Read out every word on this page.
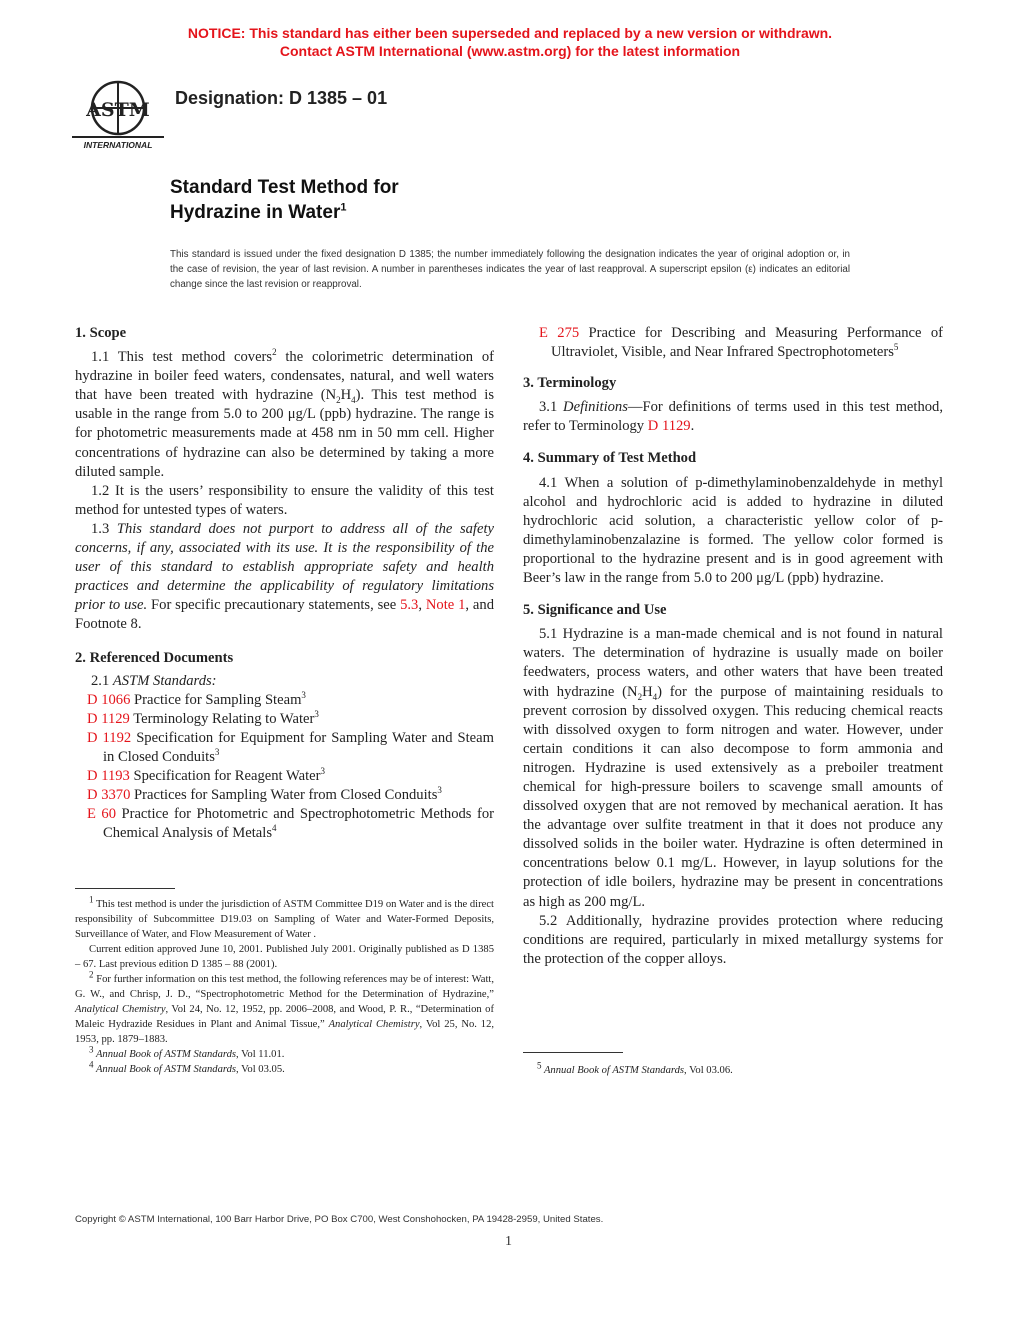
NOTICE: This standard has either been superseded and replaced by a new version or withdrawn.
Contact ASTM International (www.astm.org) for the latest information
ASTM
INTERNATIONAL
Designation: D 1385 – 01
Standard Test Method for
Hydrazine in Water$^1$
This standard is issued under the fixed designation D 1385; the number immediately following the designation indicates the year of original adoption or, in the case of revision, the year of last revision. A number in parentheses indicates the year of last reapproval. A superscript epsilon (ε) indicates an editorial change since the last revision or reapproval.
1. Scope

1.1 This test method covers$^2$ the colorimetric determination of hydrazine in boiler feed waters, condensates, natural, and well waters that have been treated with hydrazine $(N_2H_4)$. This test method is usable in the range from 5.0 to 200 μg/L (ppb) hydrazine. The range is for photometric measurements made at 458 nm in 50 mm cell. Higher concentrations of hydrazine can also be determined by taking a more diluted sample.

1.2 It is the users’ responsibility to ensure the validity of this test method for untested types of waters.

1.3 This standard does not purport to address all of the safety concerns, if any, associated with its use. It is the responsibility of the user of this standard to establish appropriate safety and health practices and determine the applicability of regulatory limitations prior to use. For specific precautionary statements, see 5.3, Note 1, and Footnote 8.

2. Referenced Documents

2.1 ASTM Standards:

D 1066 Practice for Sampling Steam$^3$

D 1129 Terminology Relating to Water$^3$

D 1192 Specification for Equipment for Sampling Water and Steam in Closed Conduits$^3$

D 1193 Specification for Reagent Water$^3$

D 3370 Practices for Sampling Water from Closed Conduits$^3$

E 60 Practice for Photometric and Spectrophotometric Methods for Chemical Analysis of Metals$^4$

$^1$ This test method is under the jurisdiction of ASTM Committee D19 on Water and is the direct responsibility of Subcommittee D19.03 on Sampling of Water and Water-Formed Deposits, Surveillance of Water, and Flow Measurement of Water .

Current edition approved June 10, 2001. Published July 2001. Originally published as D 1385 – 67. Last previous edition D 1385 – 88 (2001).

$^2$ For further information on this test method, the following references may be of interest: Watt, G. W., and Chrisp, J. D., “Spectrophotometric Method for the Determination of Hydrazine,” Analytical Chemistry, Vol 24, No. 12, 1952, pp. 2006–2008, and Wood, P. R., “Determination of Maleic Hydrazide Residues in Plant and Animal Tissue,” Analytical Chemistry, Vol 25, No. 12, 1953, pp. 1879–1883.

$^3$ Annual Book of ASTM Standards, Vol 11.01.

$^4$ Annual Book of ASTM Standards, Vol 03.05.

E 275 Practice for Describing and Measuring Performance of Ultraviolet, Visible, and Near Infrared Spectrophotometers$^5$

3. Terminology

3.1 Definitions—For definitions of terms used in this test method, refer to Terminology D 1129.

4. Summary of Test Method

4.1 When a solution of p-dimethylaminobenzaldehyde in methyl alcohol and hydrochloric acid is added to hydrazine in diluted hydrochloric acid solution, a characteristic yellow color of p-dimethylaminobenzalazine is formed. The yellow color formed is proportional to the hydrazine present and is in good agreement with Beer’s law in the range from 5.0 to 200 μg/L (ppb) hydrazine.

5. Significance and Use

5.1 Hydrazine is a man-made chemical and is not found in natural waters. The determination of hydrazine is usually made on boiler feedwaters, process waters, and other waters that have been treated with hydrazine $(N_2H_4)$ for the purpose of maintaining residuals to prevent corrosion by dissolved oxygen. This reducing chemical reacts with dissolved oxygen to form nitrogen and water. However, under certain conditions it can also decompose to form ammonia and nitrogen. Hydrazine is used extensively as a preboiler treatment chemical for high-pressure boilers to scavenge small amounts of dissolved oxygen that are not removed by mechanical aeration. It has the advantage over sulfite treatment in that it does not produce any dissolved solids in the boiler water. Hydrazine is often determined in concentrations below 0.1 mg/L. However, in layup solutions for the protection of idle boilers, hydrazine may be present in concentrations as high as 200 mg/L.

5.2 Additionally, hydrazine provides protection where reducing conditions are required, particularly in mixed metallurgy systems for the protection of the copper alloys.

$^5$ Annual Book of ASTM Standards, Vol 03.06.

Copyright © ASTM International, 100 Barr Harbor Drive, PO Box C700, West Conshohocken, PA 19428-2959, United States.
1
